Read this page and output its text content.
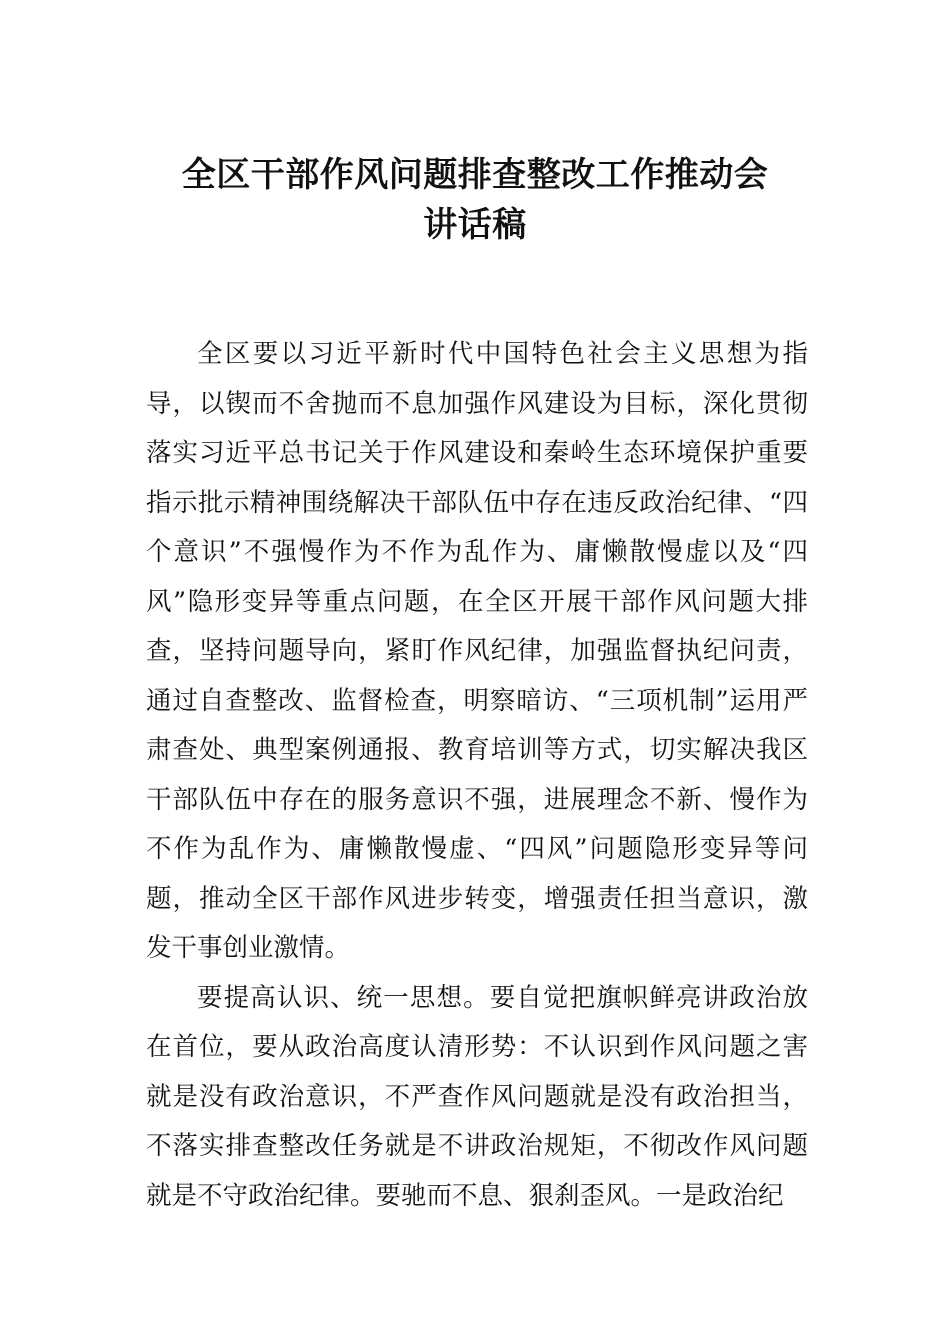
全区干部作风问题排查整改工作推动会
讲话稿

全区要以习近平新时代中国特色社会主义思想为指导，以锲而不舍抛而不息加强作风建设为目标，深化贯彻落实习近平总书记关于作风建设和秦岭生态环境保护重要指示批示精神围绕解决干部队伍中存在违反政治纪律、“四个意识”不强慢作为不作为乱作为、庸懒散慢虚以及“四风”隐形变异等重点问题，在全区开展干部作风问题大排查，坚持问题导向，紧盯作风纪律，加强监督执纪问责，通过自查整改、监督检查，明察暗访、“三项机制”运用严肃查处、典型案例通报、教育培训等方式，切实解决我区干部队伍中存在的服务意识不强，进展理念不新、慢作为不作为乱作为、庸懒散慢虚、“四风”问题隐形变异等问题，推动全区干部作风进步转变，增强责任担当意识，激发干事创业激情。

要提高认识、统一思想。要自觉把旗帜鲜亮讲政治放在首位，要从政治高度认清形势：不认识到作风问题之害就是没有政治意识，不严查作风问题就是没有政治担当，不落实排查整改任务就是不讲政治规矩，不彻改作风问题就是不守政治纪律。要驰而不息、狠刹歪风。一是政治纪
